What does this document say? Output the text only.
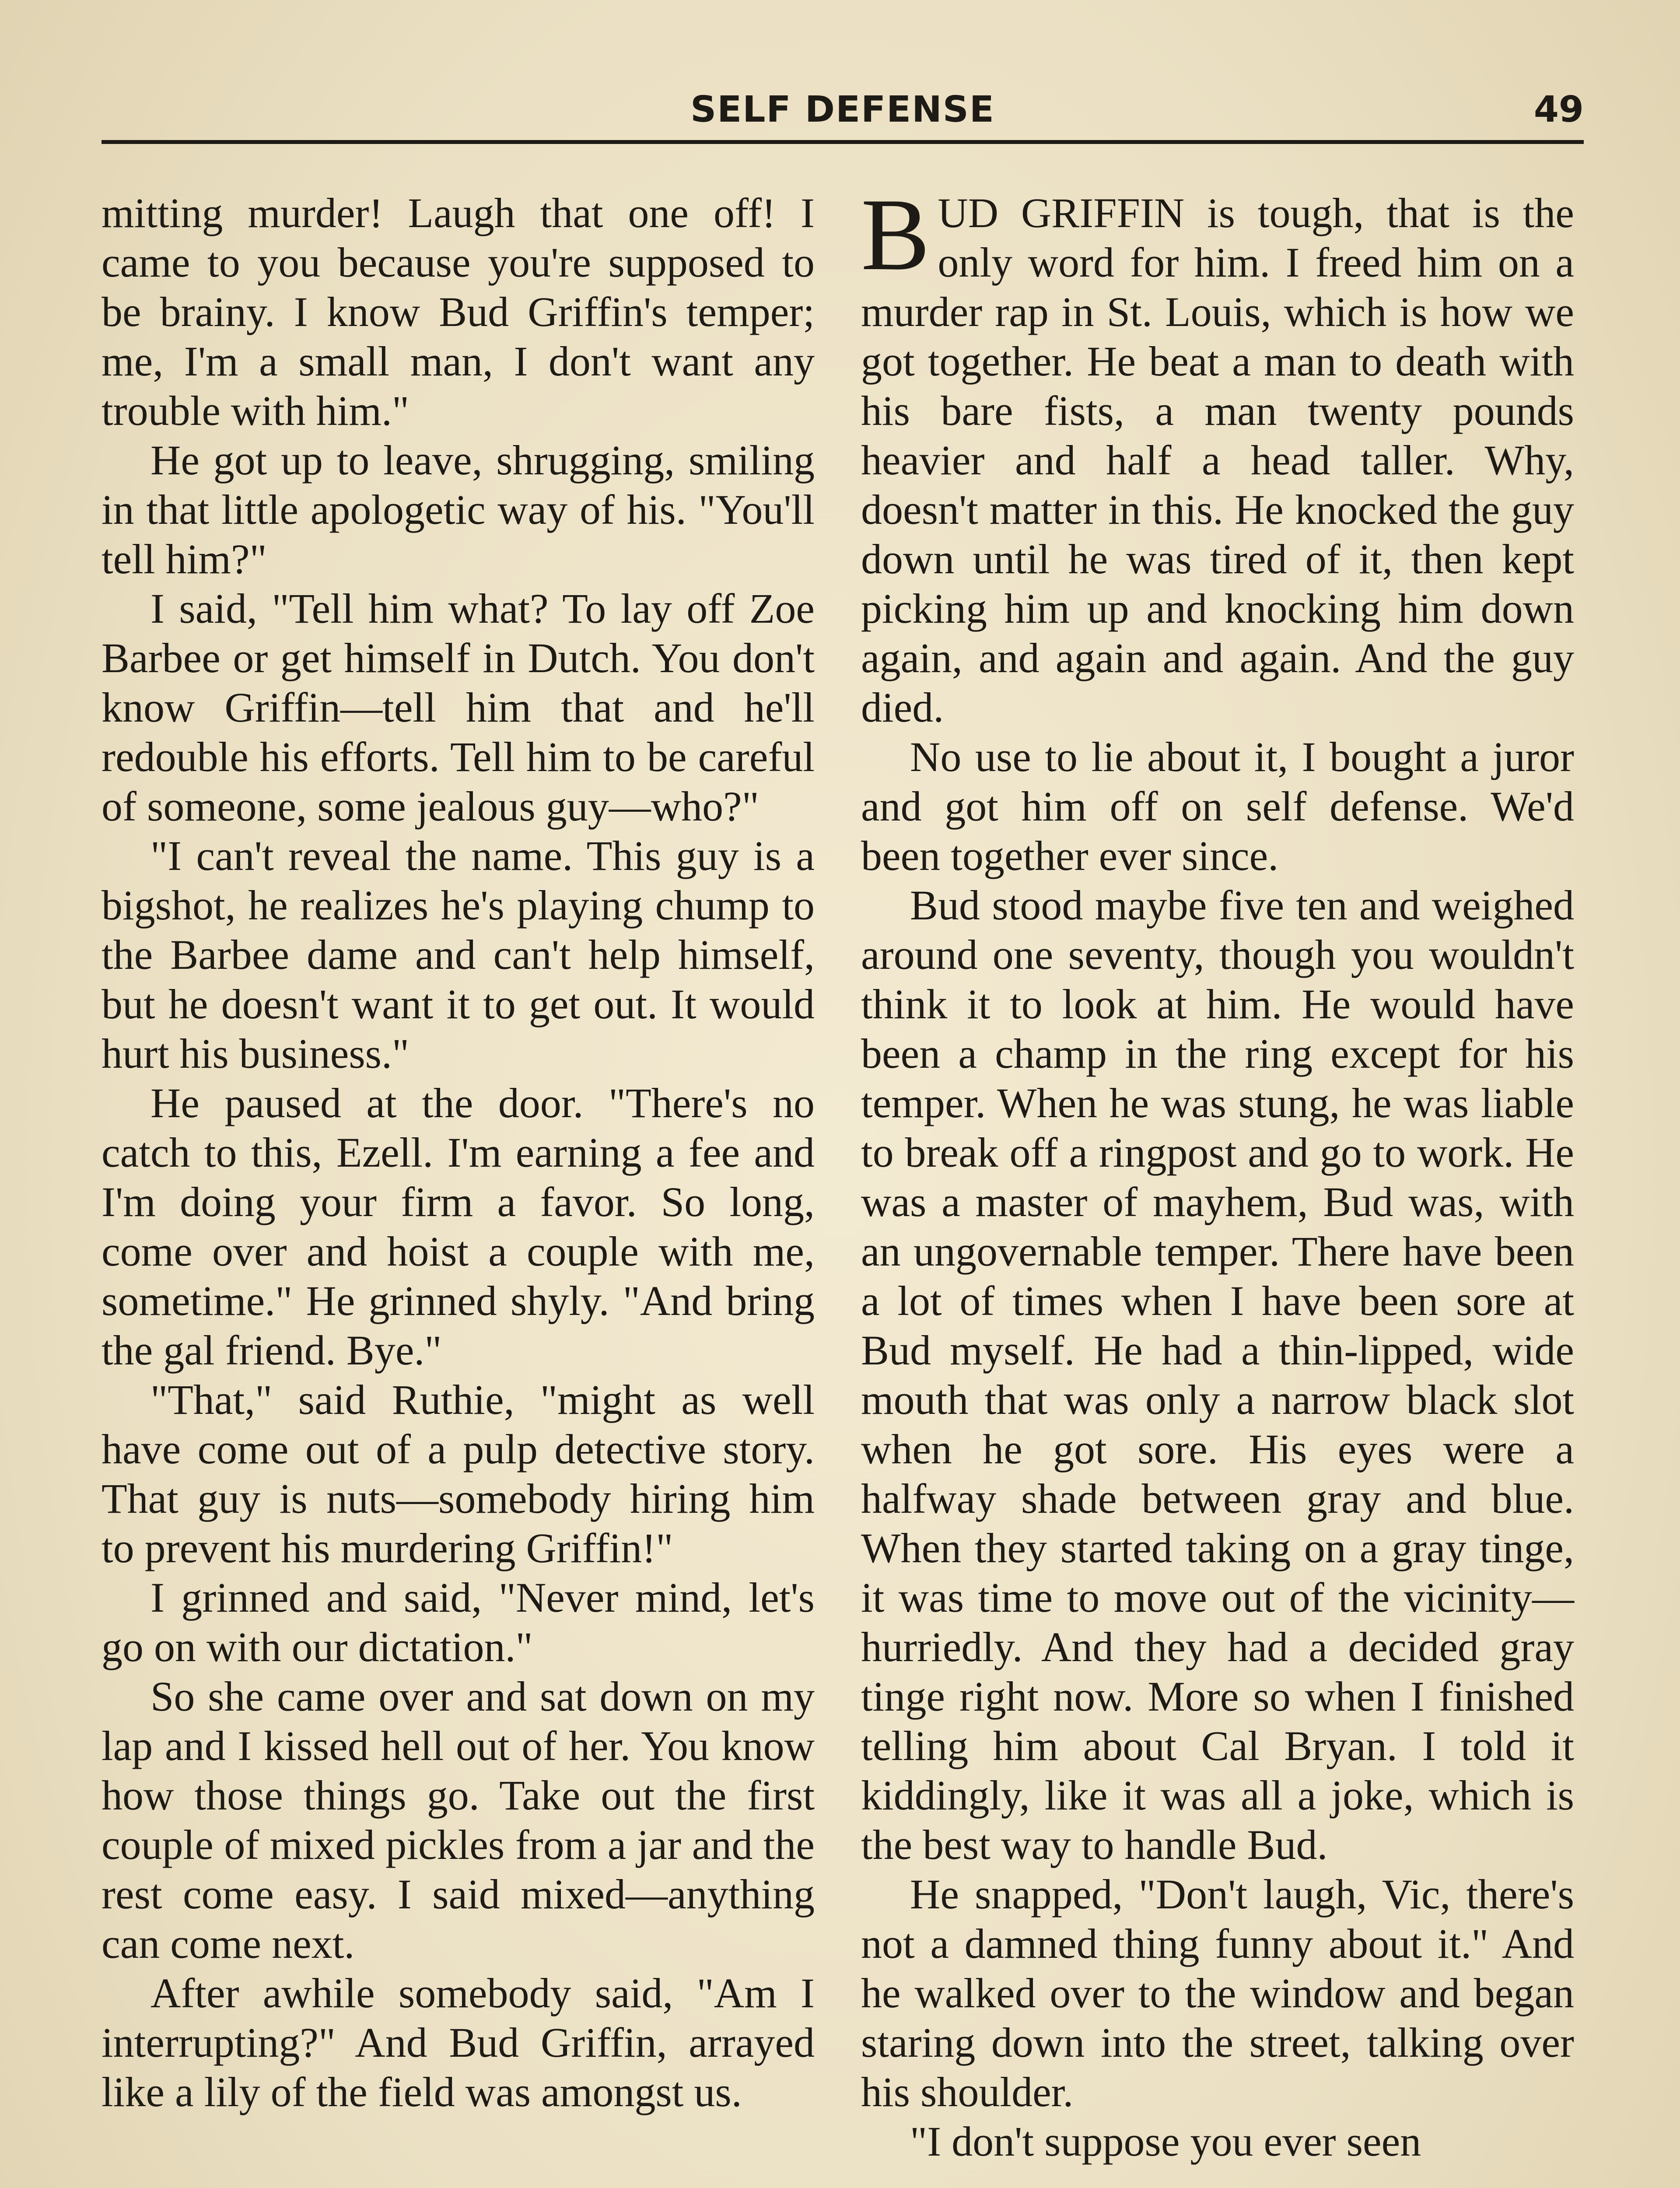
SELF DEFENSE	49

mitting murder! Laugh that one off! I came to you because you're supposed to be brainy. I know Bud Griffin's temper; me, I'm a small man, I don't want any trouble with him."

He got up to leave, shrugging, smiling in that little apologetic way of his. "You'll tell him?"

I said, "Tell him what? To lay off Zoe Barbee or get himself in Dutch. You don't know Griffin—tell him that and he'll redouble his efforts. Tell him to be careful of someone, some jealous guy—who?"

"I can't reveal the name. This guy is a bigshot, he realizes he's playing chump to the Barbee dame and can't help himself, but he doesn't want it to get out. It would hurt his business."

He paused at the door. "There's no catch to this, Ezell. I'm earning a fee and I'm doing your firm a favor. So long, come over and hoist a couple with me, sometime." He grinned shyly. "And bring the gal friend. Bye."

"That," said Ruthie, "might as well have come out of a pulp detective story. That guy is nuts—somebody hiring him to prevent his murdering Griffin!"

I grinned and said, "Never mind, let's go on with our dictation."

So she came over and sat down on my lap and I kissed hell out of her. You know how those things go. Take out the first couple of mixed pickles from a jar and the rest come easy. I said mixed—anything can come next.

After awhile somebody said, "Am I interrupting?" And Bud Griffin, arrayed like a lily of the field was amongst us.

BUD GRIFFIN is tough, that is the only word for him. I freed him on a murder rap in St. Louis, which is how we got together. He beat a man to death with his bare fists, a man twenty pounds heavier and half a head taller. Why, doesn't matter in this. He knocked the guy down until he was tired of it, then kept picking him up and knocking him down again, and again and again. And the guy died.

No use to lie about it, I bought a juror and got him off on self defense. We'd been together ever since.

Bud stood maybe five ten and weighed around one seventy, though you wouldn't think it to look at him. He would have been a champ in the ring except for his temper. When he was stung, he was liable to break off a ringpost and go to work. He was a master of mayhem, Bud was, with an ungovernable temper. There have been a lot of times when I have been sore at Bud myself. He had a thin-lipped, wide mouth that was only a narrow black slot when he got sore. His eyes were a halfway shade between gray and blue. When they started taking on a gray tinge, it was time to move out of the vicinity—hurriedly. And they had a decided gray tinge right now. More so when I finished telling him about Cal Bryan. I told it kiddingly, like it was all a joke, which is the best way to handle Bud.

He snapped, "Don't laugh, Vic, there's not a damned thing funny about it." And he walked over to the window and began staring down into the street, talking over his shoulder.

"I don't suppose you ever seen
